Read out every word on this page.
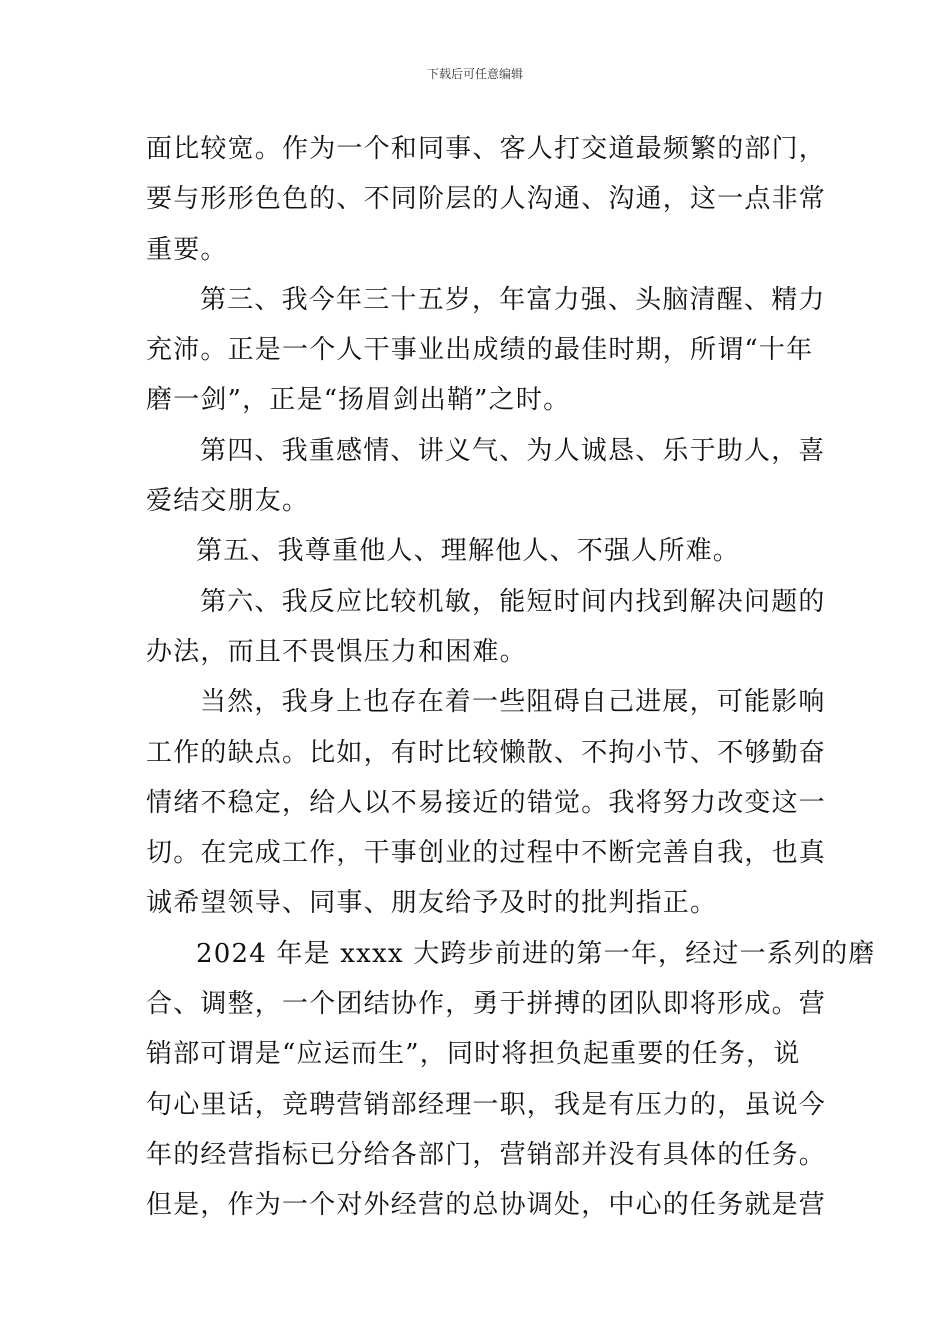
下载后可任意编辑
面比较宽。作为一个和同事、客人打交道最频繁的部门，
要与形形色色的、不同阶层的人沟通、沟通，这一点非常
重要。
第三、我今年三十五岁，年富力强、头脑清醒、精力
充沛。正是一个人干事业出成绩的最佳时期，所谓“十年
磨一剑”，正是“扬眉剑出鞘”之时。
第四、我重感情、讲义气、为人诚恳、乐于助人，喜
爱结交朋友。
第五、我尊重他人、理解他人、不强人所难。
第六、我反应比较机敏，能短时间内找到解决问题的
办法，而且不畏惧压力和困难。
当然，我身上也存在着一些阻碍自己进展，可能影响
工作的缺点。比如，有时比较懒散、不拘小节、不够勤奋
情绪不稳定，给人以不易接近的错觉。我将努力改变这一
切。在完成工作，干事创业的过程中不断完善自我，也真
诚希望领导、同事、朋友给予及时的批判指正。
2024 年是 xxxx 大跨步前进的第一年，经过一系列的磨
合、调整，一个团结协作，勇于拼搏的团队即将形成。营
销部可谓是“应运而生”，同时将担负起重要的任务，说
句心里话，竞聘营销部经理一职，我是有压力的，虽说今
年的经营指标已分给各部门，营销部并没有具体的任务。
但是，作为一个对外经营的总协调处，中心的任务就是营
